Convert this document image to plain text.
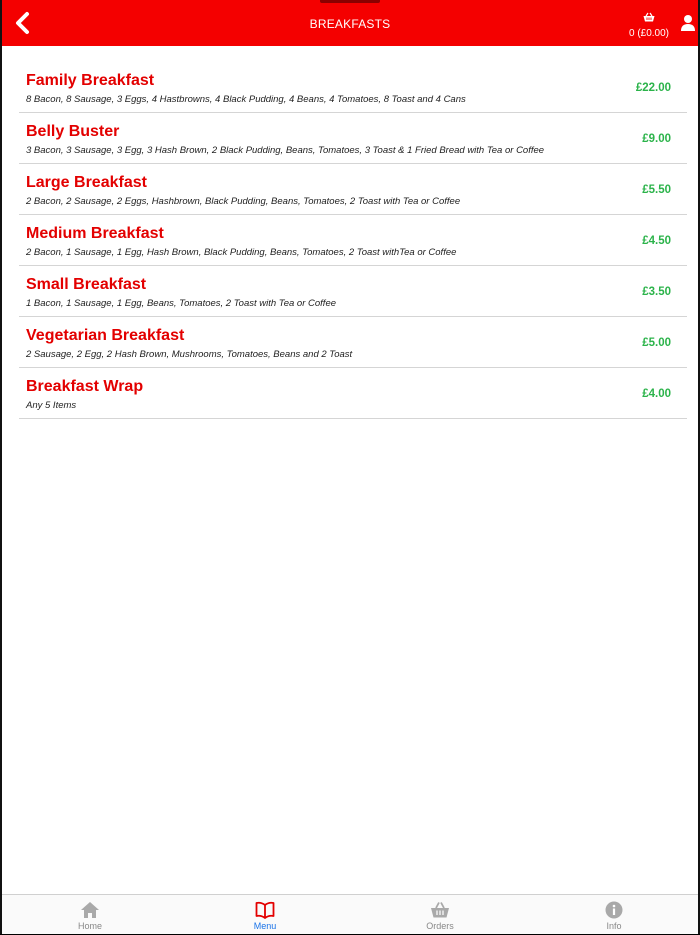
BREAKFASTS
0 (£0.00)
Family Breakfast
8 Bacon, 8 Sausage, 3 Eggs, 4 Hastbrowns, 4 Black Pudding, 4 Beans, 4 Tomatoes, 8 Toast and 4 Cans
£22.00
Belly Buster
3 Bacon, 3 Sausage, 3 Egg, 3 Hash Brown, 2 Black Pudding, Beans, Tomatoes, 3 Toast & 1 Fried Bread with Tea or Coffee
£9.00
Large Breakfast
2 Bacon, 2 Sausage, 2 Eggs, Hashbrown, Black Pudding, Beans, Tomatoes, 2 Toast with Tea or Coffee
£5.50
Medium Breakfast
2 Bacon, 1 Sausage, 1 Egg, Hash Brown, Black Pudding, Beans, Tomatoes, 2 Toast withTea or Coffee
£4.50
Small Breakfast
1 Bacon, 1 Sausage, 1 Egg, Beans, Tomatoes, 2 Toast with Tea or Coffee
£3.50
Vegetarian Breakfast
2 Sausage, 2 Egg, 2 Hash Brown, Mushrooms, Tomatoes, Beans and 2 Toast
£5.00
Breakfast Wrap
Any 5 Items
£4.00
Home	Menu	Orders	Info
